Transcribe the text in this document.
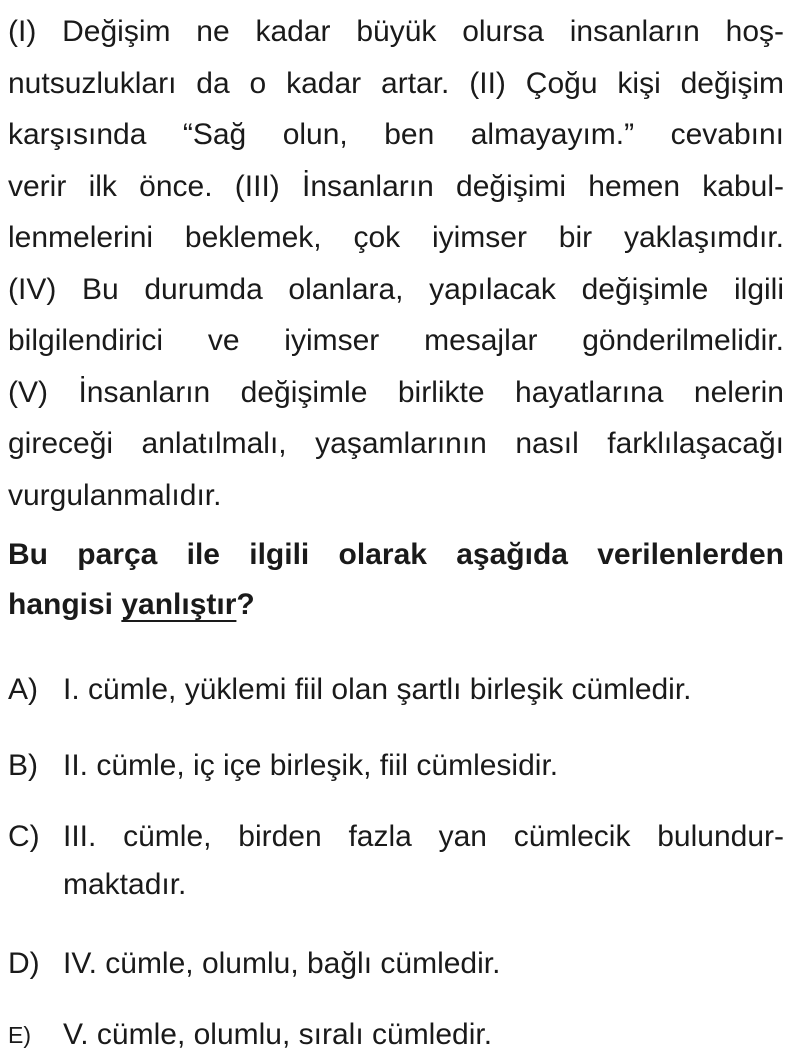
(I) Değişim ne kadar büyük olursa insanların hoş-
nutsuzlukları da o kadar artar. (II) Çoğu kişi değişim
karşısında “Sağ olun, ben almayayım.” cevabını
verir ilk önce. (III) İnsanların değişimi hemen kabul-
lenmelerini beklemek, çok iyimser bir yaklaşımdır.
(IV) Bu durumda olanlara, yapılacak değişimle ilgili
bilgilendirici ve iyimser mesajlar gönderilmelidir.
(V) İnsanların değişimle birlikte hayatlarına nelerin
gireceği anlatılmalı, yaşamlarının nasıl farklılaşacağı
vurgulanmalıdır.
Bu parça ile ilgili olarak aşağıda verilenlerden
hangisi yanlıştır?
A) I. cümle, yüklemi fiil olan şartlı birleşik cümledir.
B) II. cümle, iç içe birleşik, fiil cümlesidir.
C) III. cümle, birden fazla yan cümlecik bulundur-
maktadır.
D) IV. cümle, olumlu, bağlı cümledir.
E)	V. cümle, olumlu, sıralı cümledir.
